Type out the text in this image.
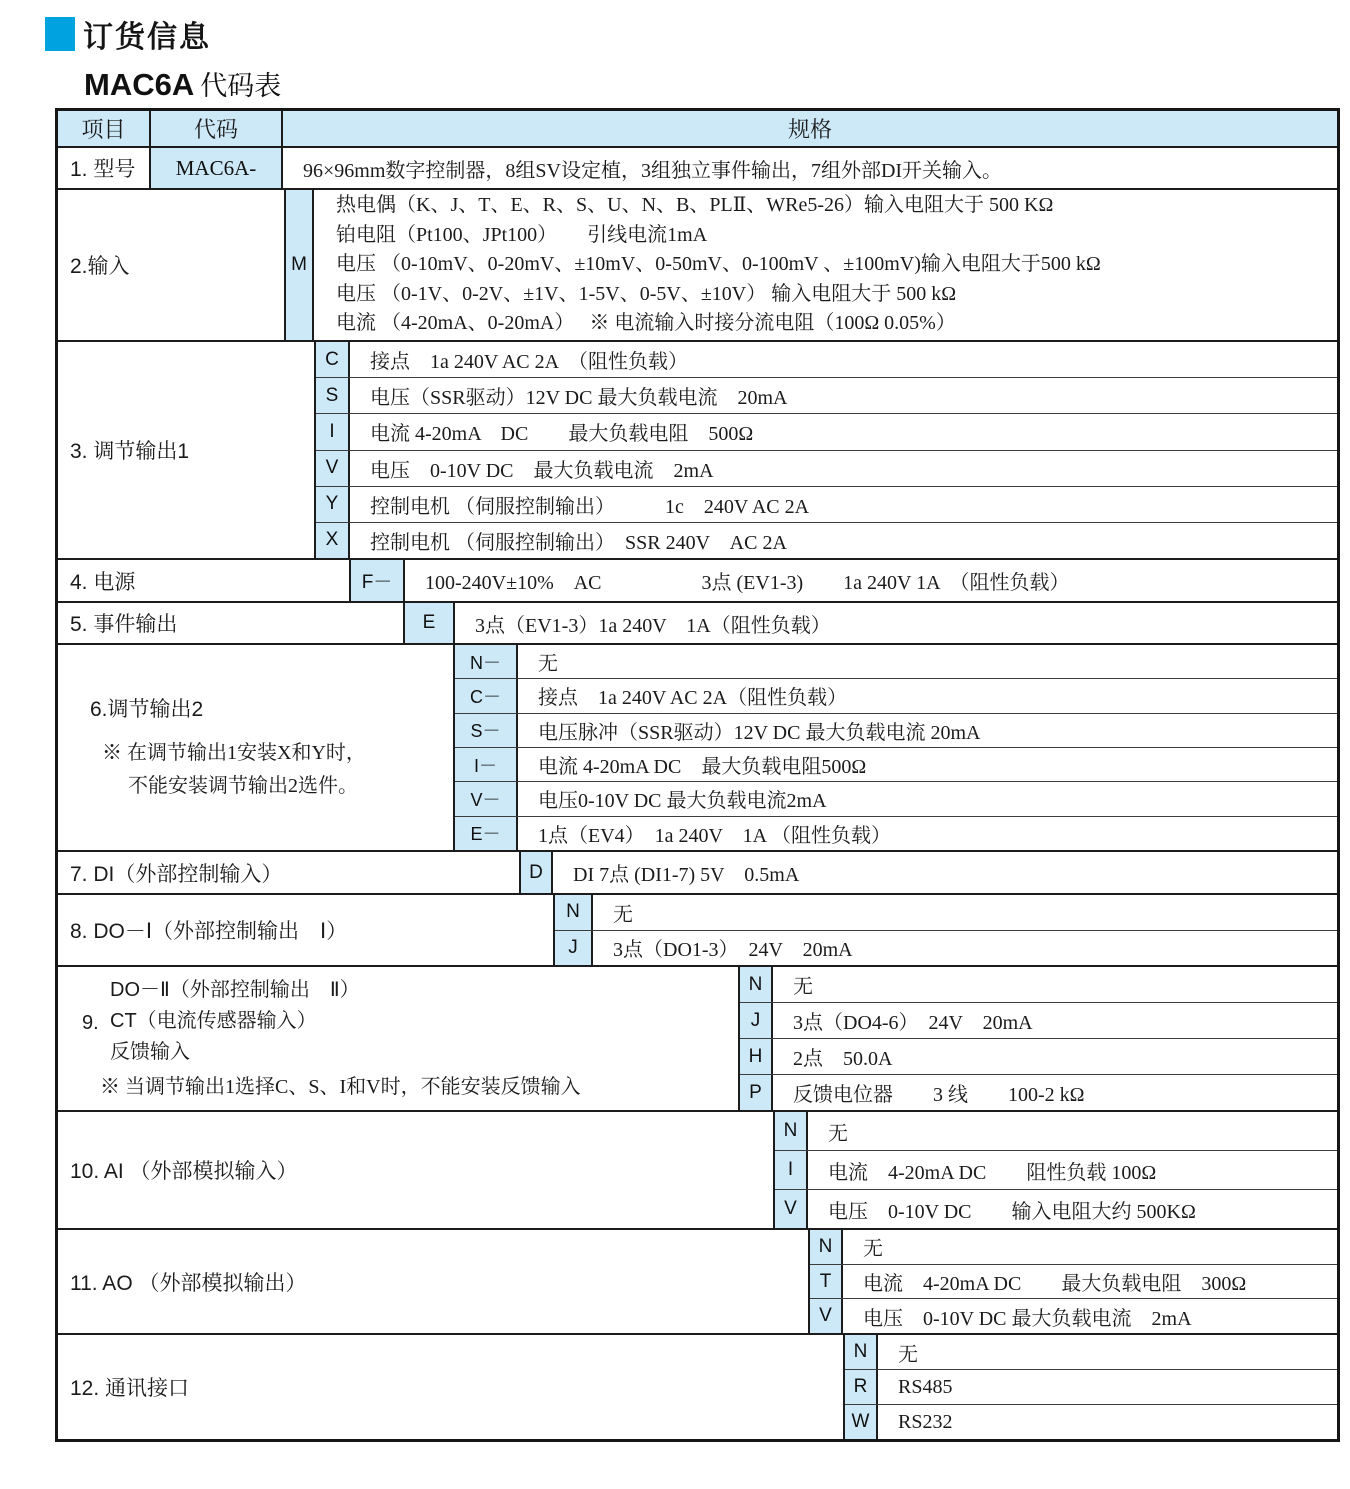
订货信息
MAC6A 代码表
项目	代码	规格
1. 型号	MAC6A-	96×96mm数字控制器，8组SV设定植，3组独立事件输出，7组外部DI开关输入。
2.输入	M
热电偶（K、J、T、E、R、S、U、N、B、PLⅡ、WRe5-26）输入电阻大于 500 KΩ
铂电阻（Pt100、JPt100）　　引线电流1mA
电压 （0-10mV、0-20mV、±10mV、0-50mV、0-100mV 、±100mV)输入电阻大于500 kΩ
电压 （0-1V、0-2V、±1V、1-5V、0-5V、±10V） 输入电阻大于 500 kΩ
电流 （4-20mA、0-20mA）　 ※ 电流输入时接分流电阻（100Ω 0.05%）
3. 调节输出1
C	接点　1a 240V AC 2A　（阻性负载）
S	电压（SSR驱动）12V DC 最大负载电流　20mA
I	电流 4-20mA　DC　　最大负载电阻　500Ω
V	电压　0-10V DC　最大负载电流　2mA
Y	控制电机 （伺服控制输出）　　　1c　240V AC 2A
X	控制电机 （伺服控制输出）　SSR 240V　AC 2A
4. 电源	F－	100-240V±10%　AC　　　　　3点 (EV1-3)　　1a 240V 1A　（阻性负载）
5. 事件输出	E	3点（EV1-3）1a 240V　1A（阻性负载）
6.调节输出2
※ 在调节输出1安装X和Y时，
不能安装调节输出2选件。
N－	无
C－	接点　1a 240V AC 2A（阻性负载）
S－	电压脉冲（SSR驱动）12V DC 最大负载电流 20mA
I－	电流 4-20mA DC　最大负载电阻500Ω
V－	电压0-10V DC 最大负载电流2mA
E－	1点（EV4）　1a 240V　1A （阻性负载）
7. DI（外部控制输入）	D	DI 7点 (DI1-7) 5V　0.5mA
8. DO－Ⅰ（外部控制输出　Ⅰ）
N	无
J	3点（DO1-3）　24V　20mA
DO－Ⅱ（外部控制输出　Ⅱ）
9. CT（电流传感器输入）
反馈输入
※ 当调节输出1选择C、S、I和V时，不能安装反馈输入
N	无
J	3点（DO4-6）　24V　20mA
H	2点　50.0A
P	反馈电位器　　3 线　　100-2 kΩ
10. AI （外部模拟输入）
N	无
I	电流　4-20mA DC　　阻性负载 100Ω
V	电压　0-10V DC　　输入电阻大约 500KΩ
11. AO （外部模拟输出）
N	无
T	电流　4-20mA DC　　最大负载电阻　300Ω
V	电压　0-10V DC 最大负载电流　2mA
12. 通讯接口
N	无
R	RS485
W	RS232
